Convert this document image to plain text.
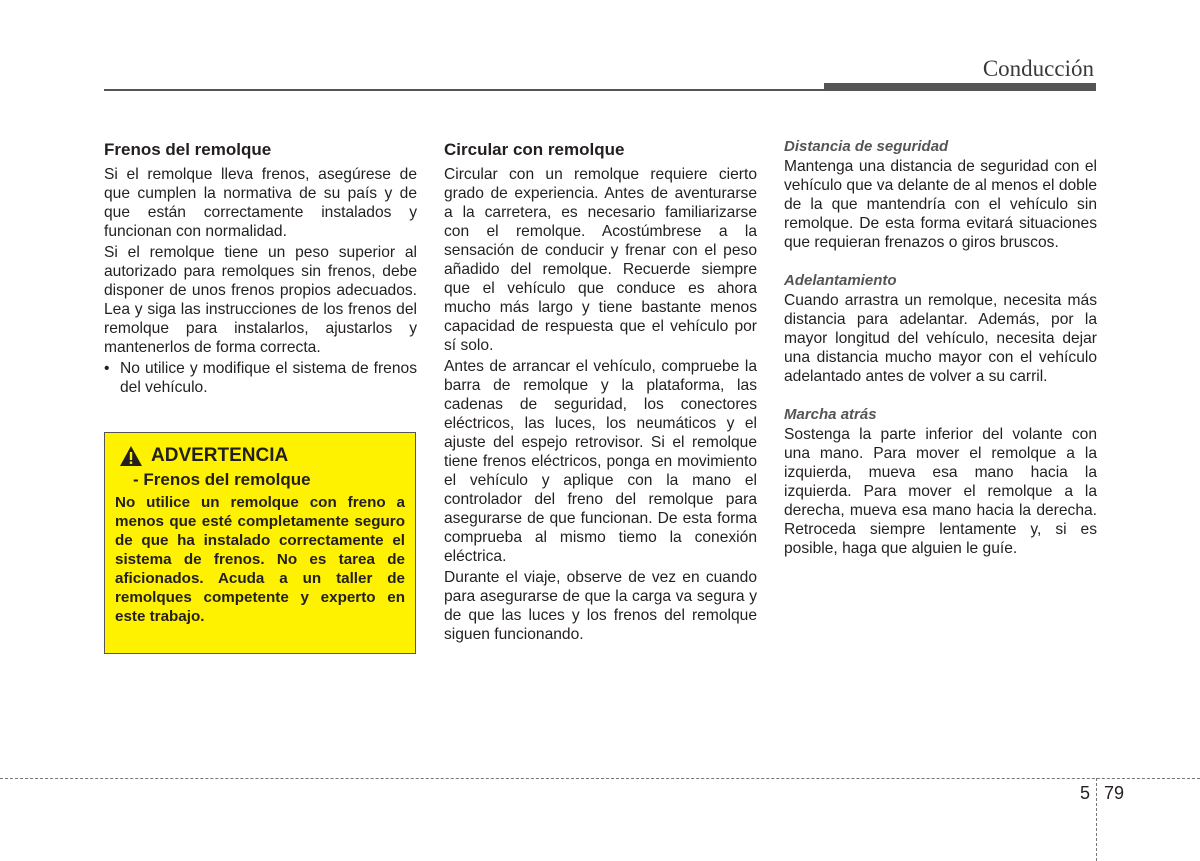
Conducción
Frenos del remolque

Si el remolque lleva frenos, asegúrese de que cumplen la normativa de su país y de que están correctamente instalados y funcionan con normalidad.

Si el remolque tiene un peso superior al autorizado para remolques sin frenos, debe disponer de unos frenos propios adecuados. Lea y siga las instrucciones de los frenos del remolque para instalarlos, ajustarlos y mantenerlos de forma correcta.

• No utilice y modifique el sistema de frenos del vehículo.
ADVERTENCIA
- Frenos del remolque
No utilice un remolque con freno a menos que esté completamente seguro de que ha instalado correctamente el sistema de frenos. No es tarea de aficionados. Acuda a un taller de remolques competente y experto en este trabajo.
Circular con remolque

Circular con un remolque requiere cierto grado de experiencia. Antes de aventurarse a la carretera, es necesario familiarizarse con el remolque. Acostúmbrese a la sensación de conducir y frenar con el peso añadido del remolque. Recuerde siempre que el vehículo que conduce es ahora mucho más largo y tiene bastante menos capacidad de respuesta que el vehículo por sí solo.

Antes de arrancar el vehículo, compruebe la barra de remolque y la plataforma, las cadenas de seguridad, los conectores eléctricos, las luces, los neumáticos y el ajuste del espejo retrovisor. Si el remolque tiene frenos eléctricos, ponga en movimiento el vehículo y aplique con la mano el controlador del freno del remolque para asegurarse de que funcionan. De esta forma comprueba al mismo tiemo la conexión eléctrica.

Durante el viaje, observe de vez en cuando para asegurarse de que la carga va segura y de que las luces y los frenos del remolque siguen funcionando.

Distancia de seguridad

Mantenga una distancia de seguridad con el vehículo que va delante de al menos el doble de la que mantendría con el vehículo sin remolque. De esta forma evitará situaciones que requieran frenazos o giros bruscos.

Adelantamiento

Cuando arrastra un remolque, necesita más distancia para adelantar. Además, por la mayor longitud del vehículo, necesita dejar una distancia mucho mayor con el vehículo adelantado antes de volver a su carril.

Marcha atrás

Sostenga la parte inferior del volante con una mano. Para mover el remolque a la izquierda, mueva esa mano hacia la izquierda. Para mover el remolque a la derecha, mueva esa mano hacia la derecha. Retroceda siempre lentamente y, si es posible, haga que alguien le guíe.

5 79
